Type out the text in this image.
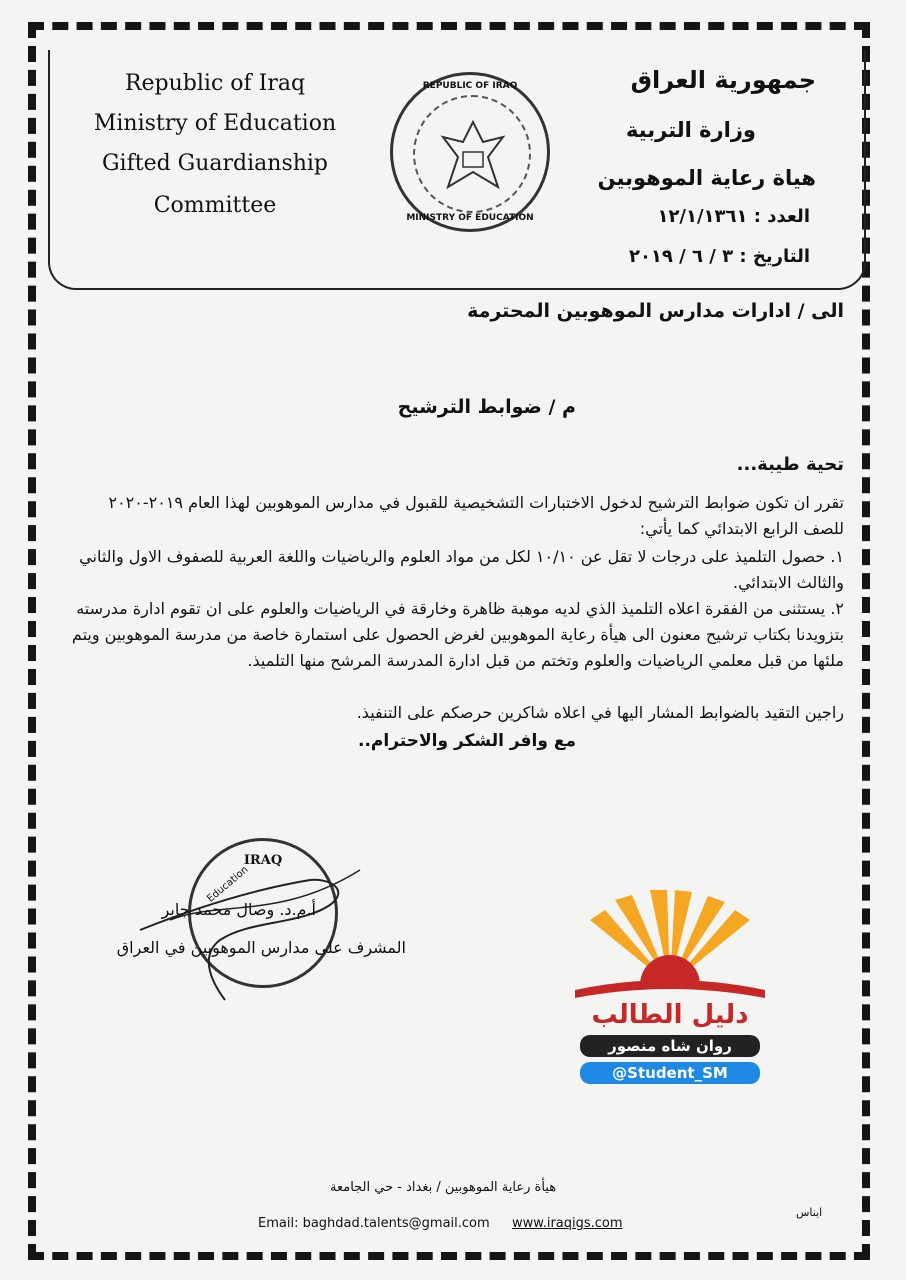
Republic of Iraq
Ministry of Education
Gifted Guardianship
Committee
REPUBLIC OF IRAQ
MINISTRY OF EDUCATION
جمهورية العراق
وزارة التربية
هياة رعاية الموهوبين
العدد : ١٢/١/١٣٦١
التاريخ : ٣ / ٦ / ٢٠١٩
الى / ادارات مدارس الموهوبين المحترمة
م / ضوابط الترشيح
تحية طيبة...
تقرر ان تكون ضوابط الترشيح لدخول الاختبارات التشخيصية للقبول في مدارس الموهوبين لهذا العام ٢٠١٩-٢٠٢٠ للصف الرابع الابتدائي كما يأتي:
١. حصول التلميذ على درجات لا تقل عن ١٠/١٠ لكل من مواد العلوم والرياضيات واللغة العربية للصفوف الاول والثاني والثالث الابتدائي.
٢. يستثنى من الفقرة اعلاه التلميذ الذي لديه موهبة ظاهرة وخارقة في الرياضيات والعلوم على ان تقوم ادارة مدرسته بتزويدنا بكتاب ترشيح معنون الى هيأة رعاية الموهوبين لغرض الحصول على استمارة خاصة من مدرسة الموهوبين ويتم ملئها من قبل معلمي الرياضيات والعلوم وتختم من قبل ادارة المدرسة المرشح منها التلميذ.
راجين التقيد بالضوابط المشار اليها في اعلاه شاكرين حرصكم على التنفيذ.
مع وافر الشكر والاحترام..
IRAQ
Education
أ.م.د. وصال محمد جابر
المشرف على مدارس الموهوبين في العراق
دليل الطالب
روان شاه منصور
@Student_SM
هيأة رعاية الموهوبين / بغداد - حي الجامعة
Email: baghdad.talents@gmail.com www.iraqigs.com
ايناس
